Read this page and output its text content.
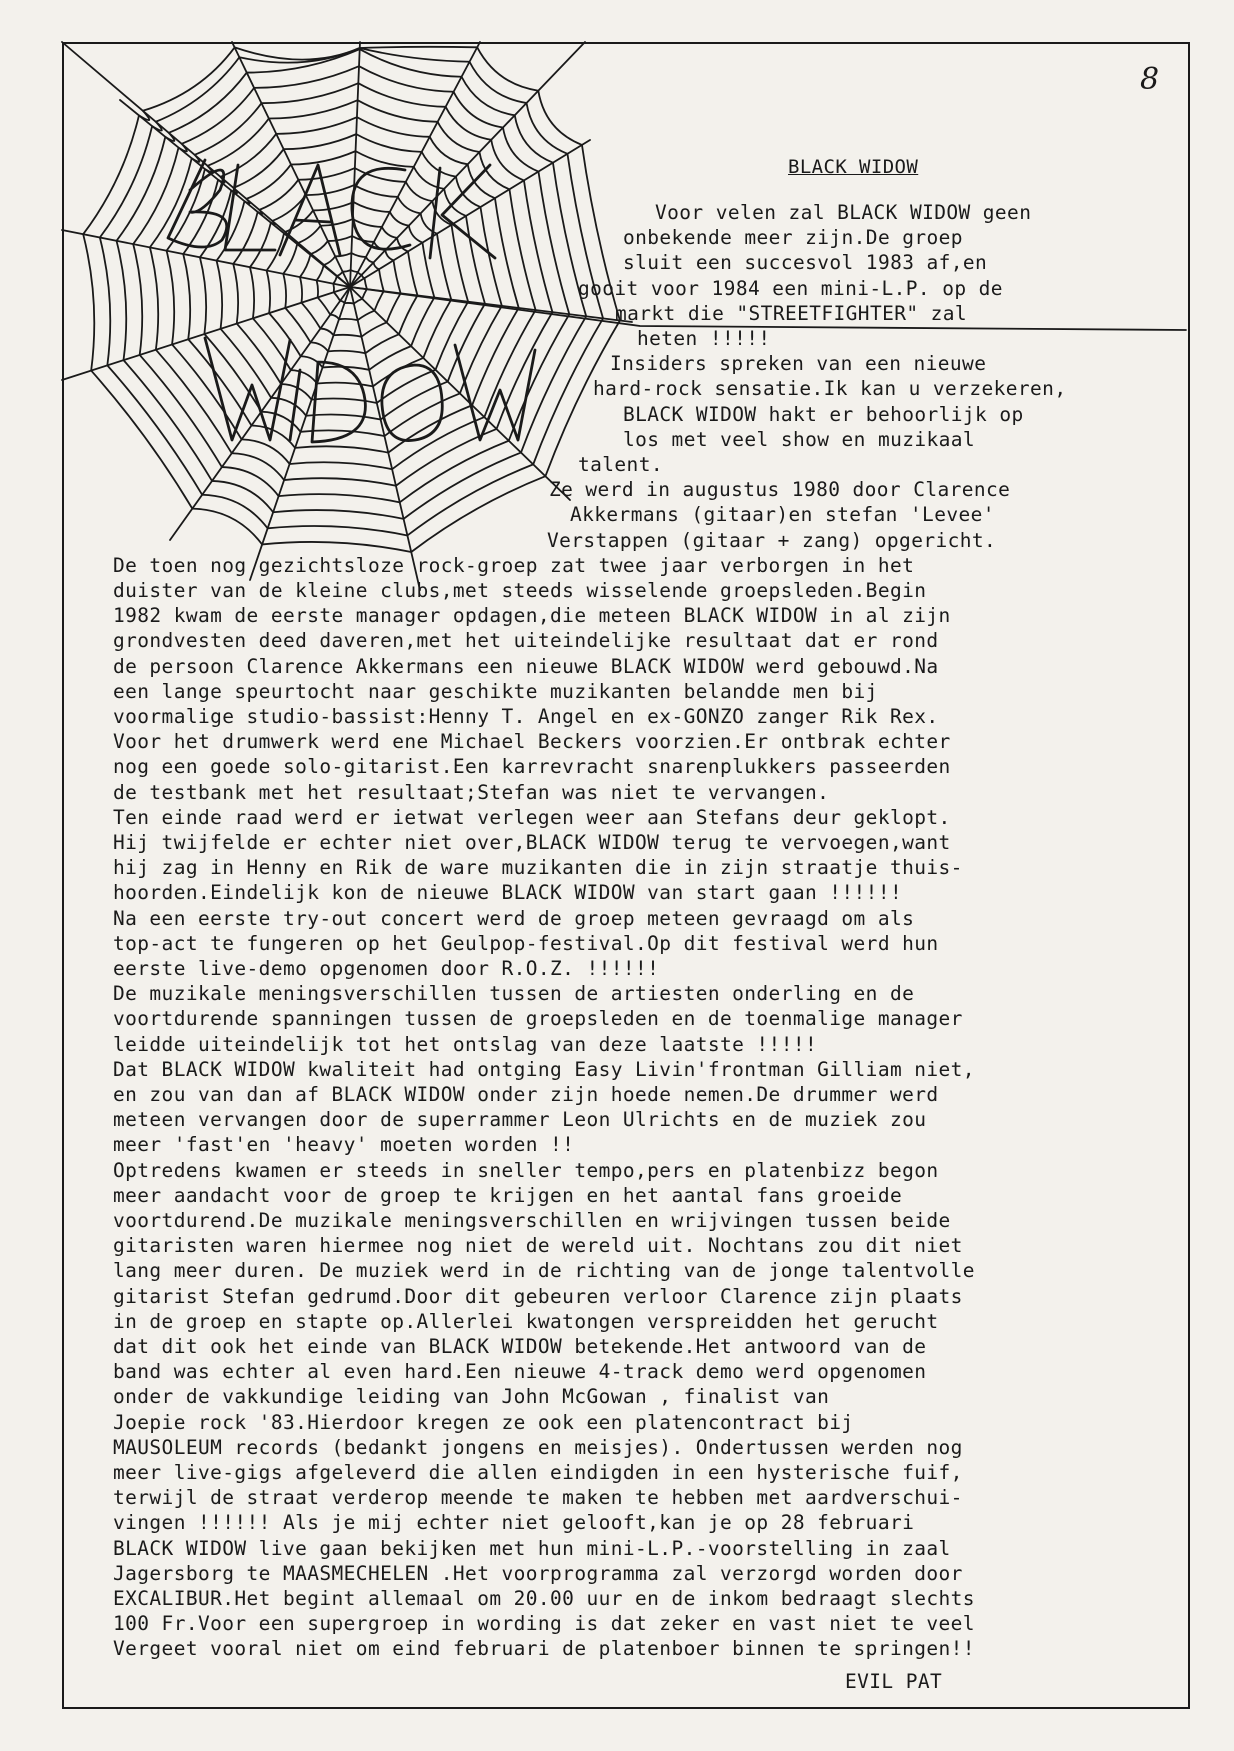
8
BLACK WIDOW
Voor velen zal BLACK WIDOW geen
onbekende meer zijn.De groep
sluit een succesvol 1983 af,en
gooit voor 1984 een mini-L.P. op de
markt die "STREETFIGHTER" zal
heten !!!!!
Insiders spreken van een nieuwe
hard-rock sensatie.Ik kan u verzekeren,
BLACK WIDOW hakt er behoorlijk op
los met veel show en muzikaal
talent.
Ze werd in augustus 1980 door Clarence
Akkermans (gitaar)en stefan 'Levee'
Verstappen (gitaar + zang) opgericht.
De toen nog gezichtsloze rock-groep zat twee jaar verborgen in het
duister van de kleine clubs,met steeds wisselende groepsleden.Begin
1982 kwam de eerste manager opdagen,die meteen BLACK WIDOW in al zijn
grondvesten deed daveren,met het uiteindelijke resultaat dat er rond
de persoon Clarence Akkermans een nieuwe BLACK WIDOW werd gebouwd.Na
een lange speurtocht naar geschikte muzikanten belandde men bij
voormalige studio-bassist:Henny T. Angel en ex-GONZO zanger Rik Rex.
Voor het drumwerk werd ene Michael Beckers voorzien.Er ontbrak echter
nog een goede solo-gitarist.Een karrevracht snarenplukkers passeerden
de testbank met het resultaat;Stefan was niet te vervangen.
Ten einde raad werd er ietwat verlegen weer aan Stefans deur geklopt.
Hij twijfelde er echter niet over,BLACK WIDOW terug te vervoegen,want
hij zag in Henny en Rik de ware muzikanten die in zijn straatje thuis-
hoorden.Eindelijk kon de nieuwe BLACK WIDOW van start gaan !!!!!!
Na een eerste try-out concert werd de groep meteen gevraagd om als
top-act te fungeren op het Geulpop-festival.Op dit festival werd hun
eerste live-demo opgenomen door R.O.Z. !!!!!!
De muzikale meningsverschillen tussen de artiesten onderling en de
voortdurende spanningen tussen de groepsleden en de toenmalige manager
leidde uiteindelijk tot het ontslag van deze laatste !!!!!
Dat BLACK WIDOW kwaliteit had ontging Easy Livin'frontman Gilliam niet,
en zou van dan af BLACK WIDOW onder zijn hoede nemen.De drummer werd
meteen vervangen door de superrammer Leon Ulrichts en de muziek zou
meer 'fast'en 'heavy' moeten worden !!
Optredens kwamen er steeds in sneller tempo,pers en platenbizz begon
meer aandacht voor de groep te krijgen en het aantal fans groeide
voortdurend.De muzikale meningsverschillen en wrijvingen tussen beide
gitaristen waren hiermee nog niet de wereld uit. Nochtans zou dit niet
lang meer duren. De muziek werd in de richting van de jonge talentvolle
gitarist Stefan gedrumd.Door dit gebeuren verloor Clarence zijn plaats
in de groep en stapte op.Allerlei kwatongen verspreidden het gerucht
dat dit ook het einde van BLACK WIDOW betekende.Het antwoord van de
band was echter al even hard.Een nieuwe 4-track demo werd opgenomen
onder de vakkundige leiding van John McGowan , finalist van
Joepie rock '83.Hierdoor kregen ze ook een platencontract bij
MAUSOLEUM records (bedankt jongens en meisjes). Ondertussen werden nog
meer live-gigs afgeleverd die allen eindigden in een hysterische fuif,
terwijl de straat verderop meende te maken te hebben met aardverschui-
vingen !!!!!! Als je mij echter niet gelooft,kan je op 28 februari
BLACK WIDOW live gaan bekijken met hun mini-L.P.-voorstelling in zaal
Jagersborg te MAASMECHELEN .Het voorprogramma zal verzorgd worden door
EXCALIBUR.Het begint allemaal om 20.00 uur en de inkom bedraagt slechts
100 Fr.Voor een supergroep in wording is dat zeker en vast niet te veel
Vergeet vooral niet om eind februari de platenboer binnen te springen!!
EVIL PAT
